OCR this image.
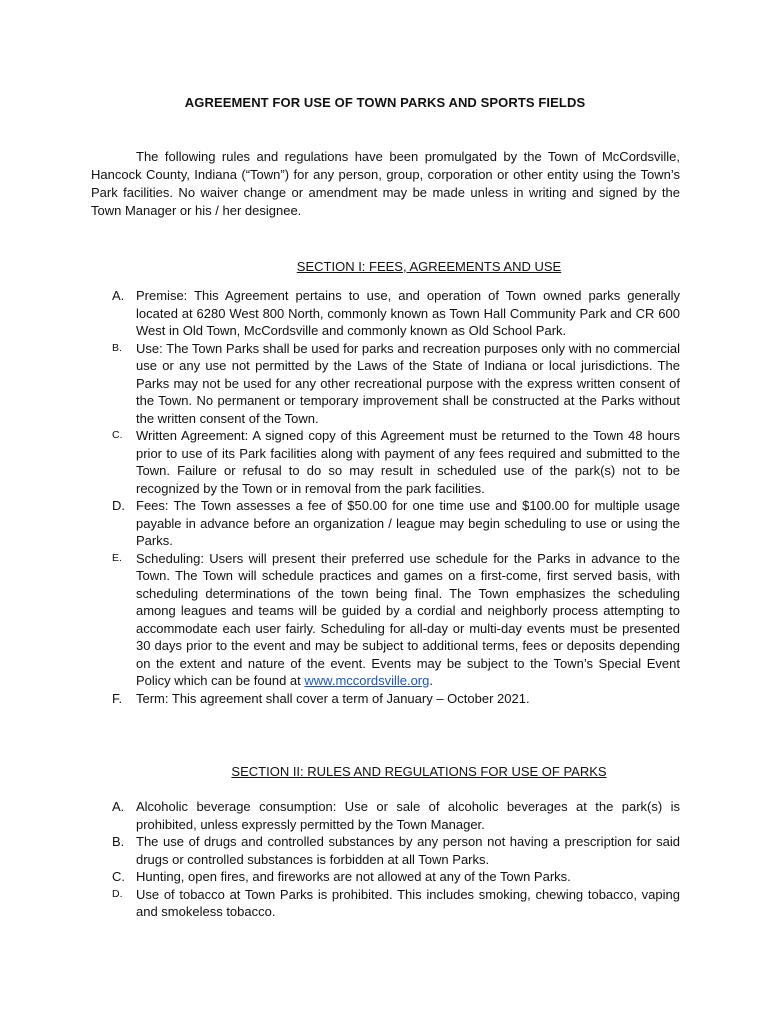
AGREEMENT FOR USE OF TOWN PARKS AND SPORTS FIELDS

The following rules and regulations have been promulgated by the Town of McCordsville, Hancock County, Indiana (“Town”) for any person, group, corporation or other entity using the Town’s Park facilities. No waiver change or amendment may be made unless in writing and signed by the Town Manager or his / her designee.

SECTION I: FEES, AGREEMENTS AND USE
A. Premise: This Agreement pertains to use, and operation of Town owned parks generally located at 6280 West 800 North, commonly known as Town Hall Community Park and CR 600 West in Old Town, McCordsville and commonly known as Old School Park.
B.	Use: The Town Parks shall be used for parks and recreation purposes only with no commercial use or any use not permitted by the Laws of the State of Indiana or local jurisdictions. The Parks may not be used for any other recreational purpose with the express written consent of the Town. No permanent or temporary improvement shall be constructed at the Parks without the written consent of the Town.
C.	Written Agreement: A signed copy of this Agreement must be returned to the Town 48 hours prior to use of its Park facilities along with payment of any fees required and submitted to the Town. Failure or refusal to do so may result in scheduled use of the park(s) not to be recognized by the Town or in removal from the park facilities.
D. Fees: The Town assesses a fee of $50.00 for one time use and $100.00 for multiple usage payable in advance before an organization / league may begin scheduling to use or using the Parks.
E.	Scheduling: Users will present their preferred use schedule for the Parks in advance to the Town. The Town will schedule practices and games on a first-come, first served basis, with scheduling determinations of the town being final. The Town emphasizes the scheduling among leagues and teams will be guided by a cordial and neighborly process attempting to accommodate each user fairly. Scheduling for all-day or multi-day events must be presented 30 days prior to the event and may be subject to additional terms, fees or deposits depending on the extent and nature of the event. Events may be subject to the Town’s Special Event Policy which can be found at www.mccordsville.org.
F.	Term: This agreement shall cover a term of January – October 2021.
SECTION II: RULES AND REGULATIONS FOR USE OF PARKS
A. Alcoholic beverage consumption: Use or sale of alcoholic beverages at the park(s) is prohibited, unless expressly permitted by the Town Manager.
B. The use of drugs and controlled substances by any person not having a prescription for said drugs or controlled substances is forbidden at all Town Parks.
C. Hunting, open fires, and fireworks are not allowed at any of the Town Parks.
D.	Use of tobacco at Town Parks is prohibited. This includes smoking, chewing tobacco, vaping and smokeless tobacco.
